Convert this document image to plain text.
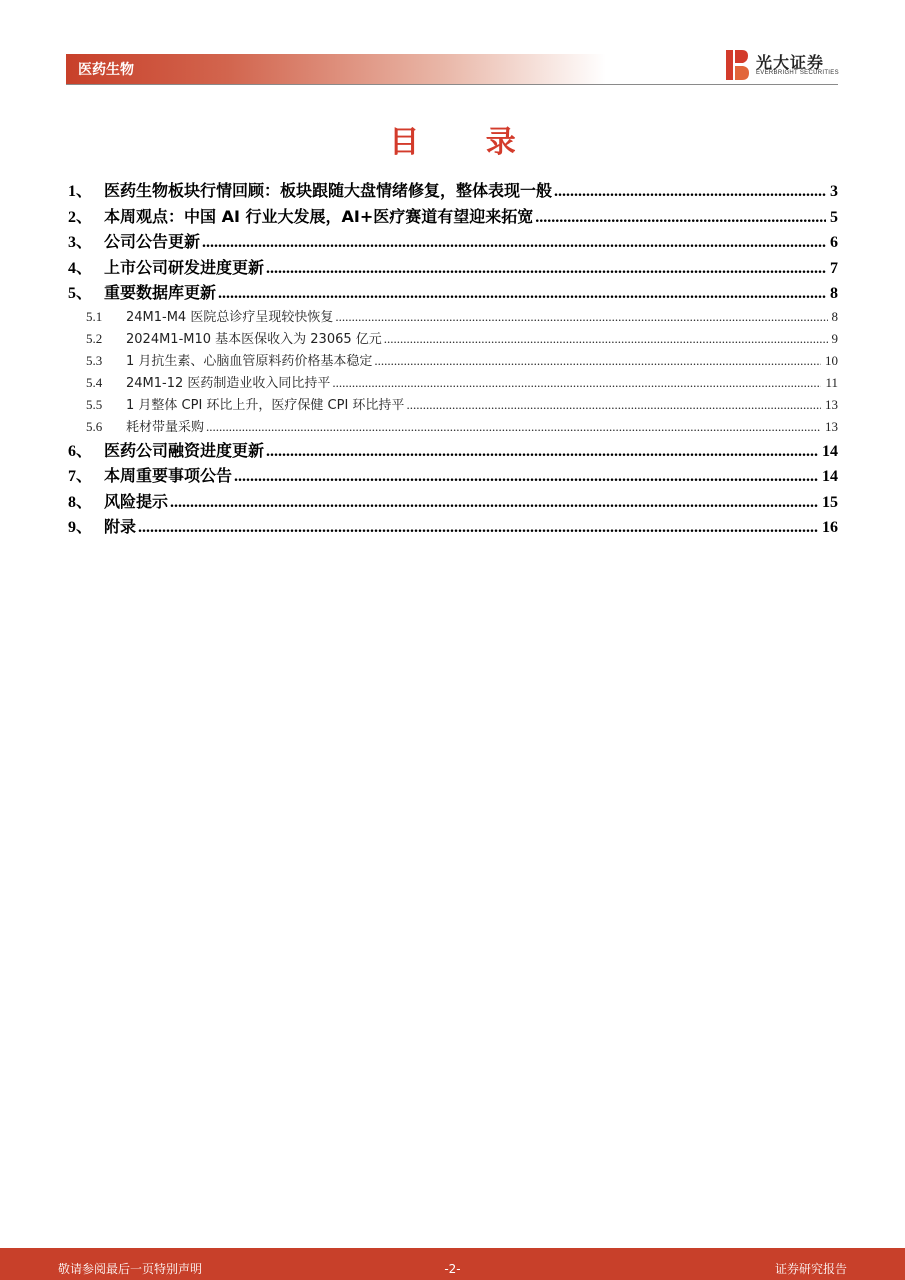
医药生物	光大证券
EVERBRIGHT SECURITIES
目 录
1、 医药生物板块行情回顾：板块跟随大盘情绪修复，整体表现一般 .....	3
2、 本周观点：中国 AI 行业大发展，AI+医疗赛道有望迎来拓宽 .....	5
3、 公司公告更新 .....	6
4、 上市公司研发进度更新 .....	7
5、 重要数据库更新 .....	8
5.1	24M1-M4 医院总诊疗呈现较快恢复 .....	8
5.2	2024M1-M10 基本医保收入为 23065 亿元 .....	9
5.3	1 月抗生素、心脑血管原料药价格基本稳定 .....	10
5.4	24M1-12 医药制造业收入同比持平 .....	11
5.5	1 月整体 CPI 环比上升，医疗保健 CPI 环比持平 .....	13
5.6	耗材带量采购 .....	13
6、 医药公司融资进度更新 .....	14
7、 本周重要事项公告 .....	14
8、 风险提示 .....	15
9、 附录 .....	16
敬请参阅最后一页特别声明	-2-	证券研究报告
